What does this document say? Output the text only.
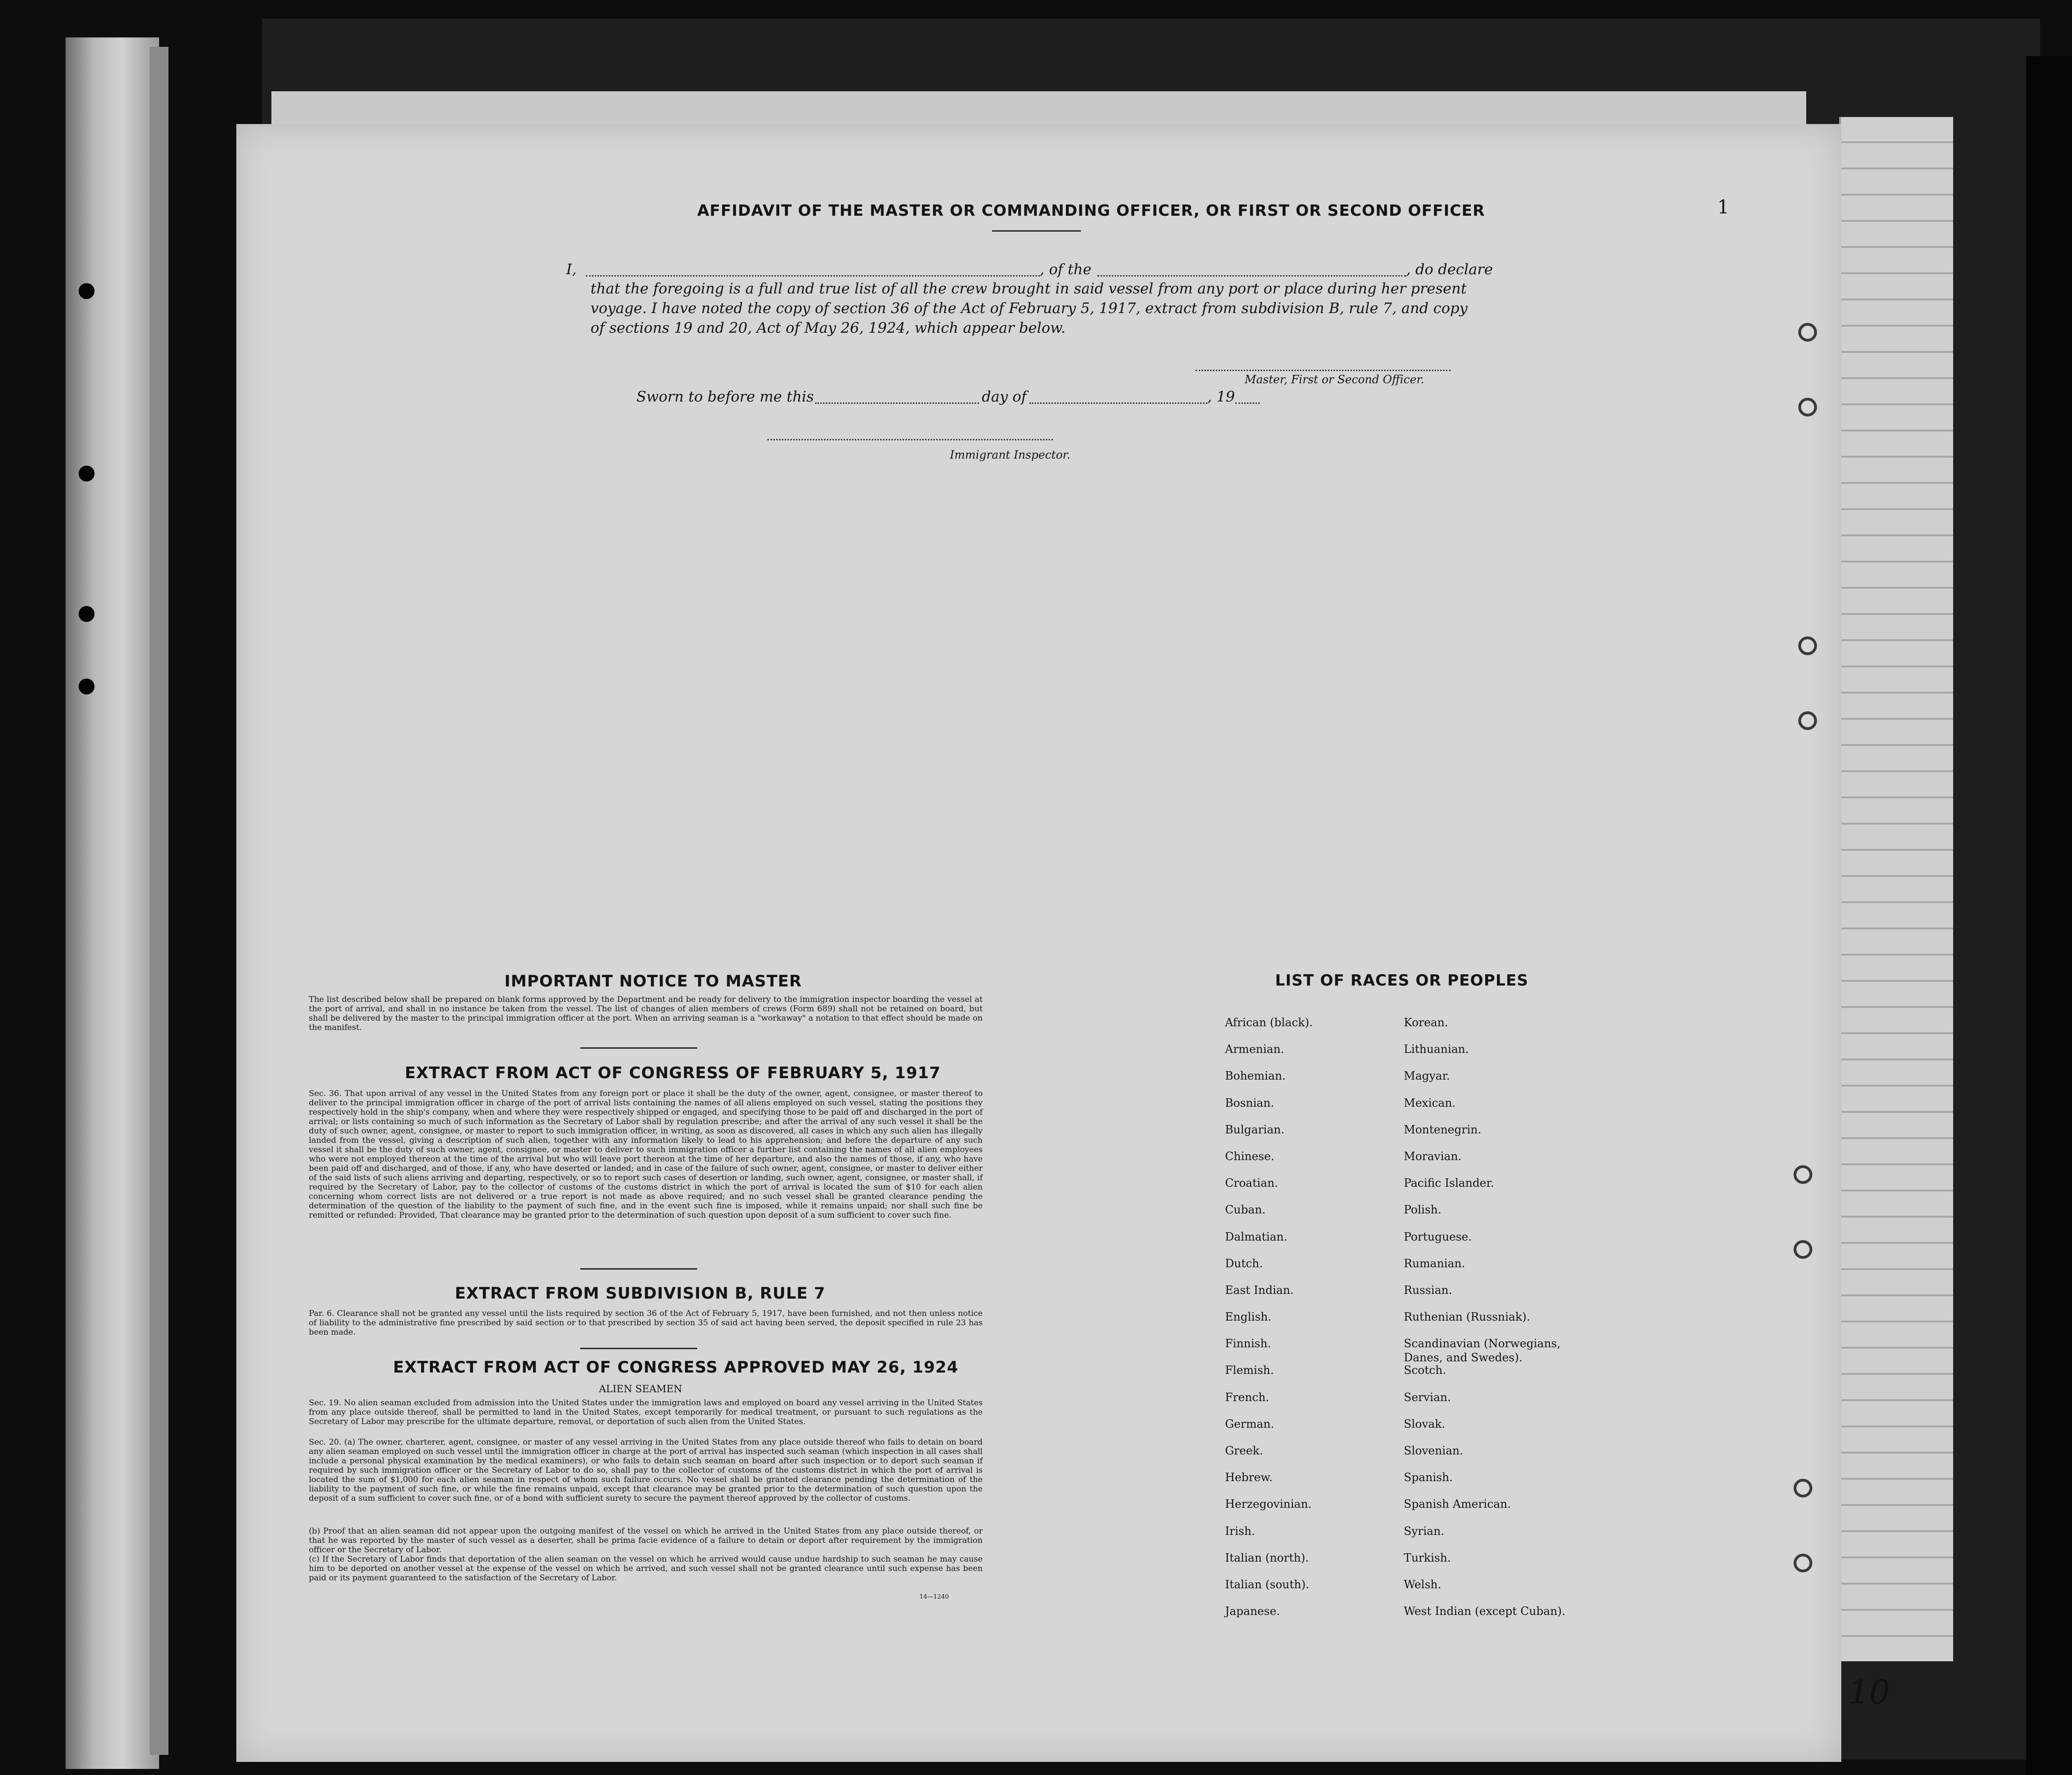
AFFIDAVIT OF THE MASTER OR COMMANDING OFFICER, OR FIRST OR SECOND OFFICER	1
I,	, of the	, do declare
that the foregoing is a full and true list of all the crew brought in said vessel from any port or place during her present
voyage. I have noted the copy of section 36 of the Act of February 5, 1917, extract from subdivision B, rule 7, and copy
of sections 19 and 20, Act of May 26, 1924, which appear below.
Master, First or Second Officer.
Sworn to before me this	day of	, 19
Immigrant Inspector.
IMPORTANT NOTICE TO MASTER
The list described below shall be prepared on blank forms approved by the Department and be ready for delivery to the immigration inspector boarding the vessel at the port of arrival, and shall in no instance be taken from the vessel. The list of changes of alien members of crews (Form 689) shall not be retained on board, but shall be delivered by the master to the principal immigration officer at the port. When an arriving seaman is a "workaway" a notation to that effect should be made on the manifest.
EXTRACT FROM ACT OF CONGRESS OF FEBRUARY 5, 1917
Sec. 36. That upon arrival of any vessel in the United States from any foreign port or place it shall be the duty of the owner, agent, consignee, or master thereof to deliver to the principal immigration officer in charge of the port of arrival lists containing the names of all aliens employed on such vessel, stating the positions they respectively hold in the ship's company, when and where they were respectively shipped or engaged, and specifying those to be paid off and discharged in the port of arrival; or lists containing so much of such information as the Secretary of Labor shall by regulation prescribe; and after the arrival of any such vessel it shall be the duty of such owner, agent, consignee, or master to report to such immigration officer, in writing, as soon as discovered, all cases in which any such alien has illegally landed from the vessel, giving a description of such alien, together with any information likely to lead to his apprehension; and before the departure of any such vessel it shall be the duty of such owner, agent, consignee, or master to deliver to such immigration officer a further list containing the names of all alien employees who were not employed thereon at the time of the arrival but who will leave port thereon at the time of her departure, and also the names of those, if any, who have been paid off and discharged, and of those, if any, who have deserted or landed; and in case of the failure of such owner, agent, consignee, or master to deliver either of the said lists of such aliens arriving and departing, respectively, or so to report such cases of desertion or landing, such owner, agent, consignee, or master shall, if required by the Secretary of Labor, pay to the collector of customs of the customs district in which the port of arrival is located the sum of $10 for each alien concerning whom correct lists are not delivered or a true report is not made as above required; and no such vessel shall be granted clearance pending the determination of the question of the liability to the payment of such fine, and in the event such fine is imposed, while it remains unpaid; nor shall such fine be remitted or refunded: Provided, That clearance may be granted prior to the determination of such question upon deposit of a sum sufficient to cover such fine.
EXTRACT FROM SUBDIVISION B, RULE 7
Par. 6. Clearance shall not be granted any vessel until the lists required by section 36 of the Act of February 5, 1917, have been furnished, and not then unless notice of liability to the administrative fine prescribed by said section or to that prescribed by section 35 of said act having been served, the deposit specified in rule 23 has been made.
EXTRACT FROM ACT OF CONGRESS APPROVED MAY 26, 1924
ALIEN SEAMEN
Sec. 19. No alien seaman excluded from admission into the United States under the immigration laws and employed on board any vessel arriving in the United States from any place outside thereof, shall be permitted to land in the United States, except temporarily for medical treatment, or pursuant to such regulations as the Secretary of Labor may prescribe for the ultimate departure, removal, or deportation of such alien from the United States.
Sec. 20. (a) The owner, charterer, agent, consignee, or master of any vessel arriving in the United States from any place outside thereof who fails to detain on board any alien seaman employed on such vessel until the immigration officer in charge at the port of arrival has inspected such seaman (which inspection in all cases shall include a personal physical examination by the medical examiners), or who fails to detain such seaman on board after such inspection or to deport such seaman if required by such immigration officer or the Secretary of Labor to do so, shall pay to the collector of customs of the customs district in which the port of arrival is located the sum of $1,000 for each alien seaman in respect of whom such failure occurs. No vessel shall be granted clearance pending the determination of the liability to the payment of such fine, or while the fine remains unpaid, except that clearance may be granted prior to the determination of such question upon the deposit of a sum sufficient to cover such fine, or of a bond with sufficient surety to secure the payment thereof approved by the collector of customs.
(b) Proof that an alien seaman did not appear upon the outgoing manifest of the vessel on which he arrived in the United States from any place outside thereof, or that he was reported by the master of such vessel as a deserter, shall be prima facie evidence of a failure to detain or deport after requirement by the immigration officer or the Secretary of Labor.
(c) If the Secretary of Labor finds that deportation of the alien seaman on the vessel on which he arrived would cause undue hardship to such seaman he may cause him to be deported on another vessel at the expense of the vessel on which he arrived, and such vessel shall not be granted clearance until such expense has been paid or its payment guaranteed to the satisfaction of the Secretary of Labor.
14—1240
LIST OF RACES OR PEOPLES
African (black).
Armenian.
Bohemian.
Bosnian.
Bulgarian.
Chinese.
Croatian.
Cuban.
Dalmatian.
Dutch.
East Indian.
English.
Finnish.
Flemish.
French.
German.
Greek.
Hebrew.
Herzegovinian.
Irish.
Italian (north).
Italian (south).
Japanese.
Korean.
Lithuanian.
Magyar.
Mexican.
Montenegrin.
Moravian.
Pacific Islander.
Polish.
Portuguese.
Rumanian.
Russian.
Ruthenian (Russniak).
Scandinavian (Norwegians,
Danes, and Swedes).
Scotch.
Servian.
Slovak.
Slovenian.
Spanish.
Spanish American.
Syrian.
Turkish.
Welsh.
West Indian (except Cuban).
10
